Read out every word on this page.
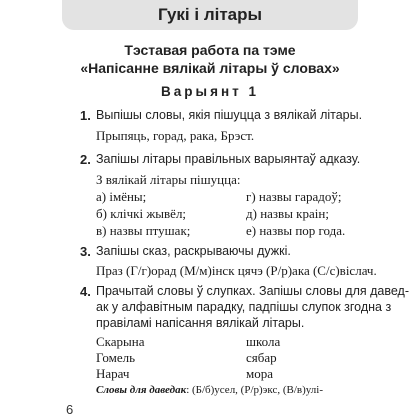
Гукі і літары
Тэставая работа па тэме
«Напісанне вялікай літары ў словах»
Варыянт 1
1. Выпішы словы, якія пішуцца з вялікай літары.
Прыпяць, горад, рака, Брэст.
2. Запішы літары правільных варыянтаў адказу.
З вялікай літары пішуцца:
а) імёны;	г) назвы гарадоў;
б) клічкі жывёл;	д) назвы краін;
в) назвы птушак;	е) назвы пор года.
3. Запішы сказ, раскрываючы дужкі.
Праз (Г/г)орад (М/м)інск цячэ (Р/р)ака (С/с)віслач.
4. Прачытай словы ў слупках. Запішы словы для давед-
ак у алфавітным парадку, падпішы слупок згодна з
правіламі напісання вялікай літары.
Скарына	школа
Гомель	сябар
Нарач	мора
Словы для даведак: (Б/б)усел, (Р/р)экс, (В/в)улі-
6
